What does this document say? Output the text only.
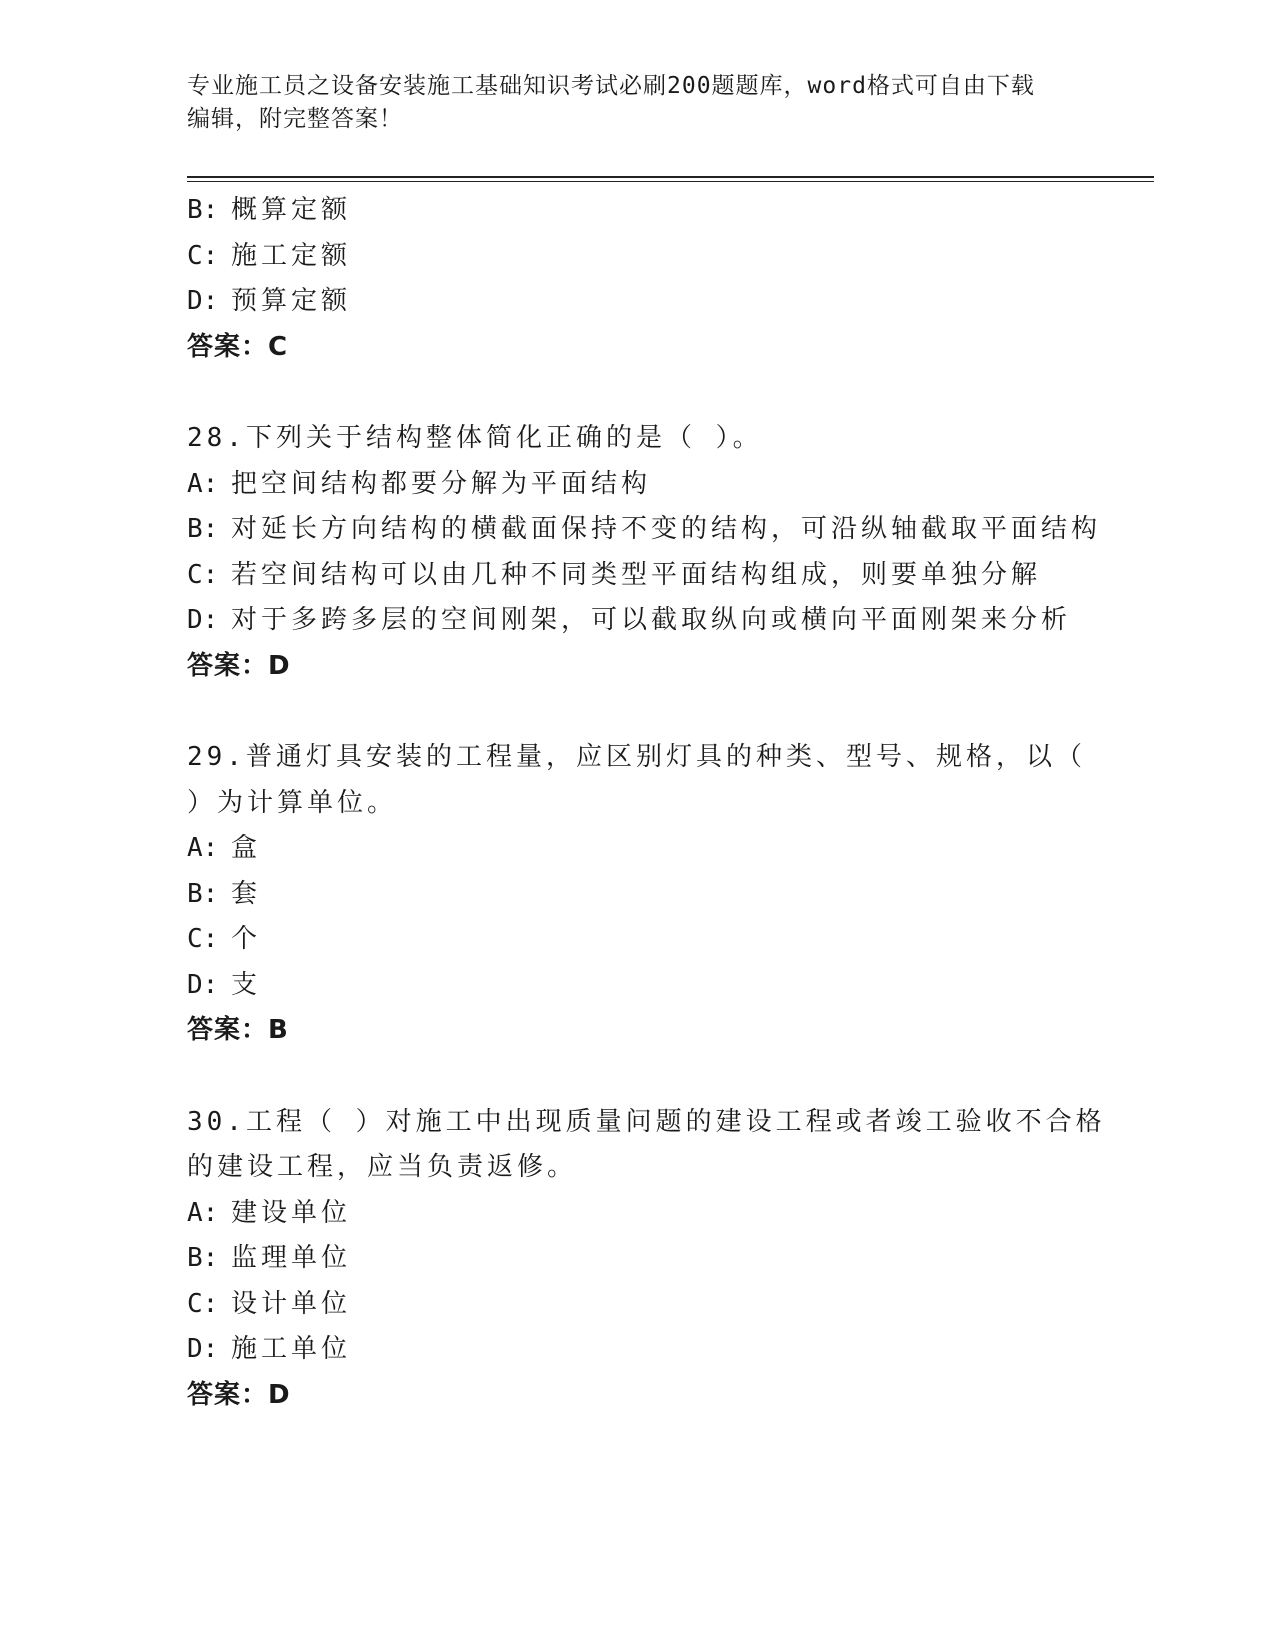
专业施工员之设备安装施工基础知识考试必刷200题题库，word格式可自由下载
编辑，附完整答案！
B: 概算定额
C: 施工定额
D: 预算定额
答案：C
28.下列关于结构整体简化正确的是（ ）。
A: 把空间结构都要分解为平面结构
B: 对延长方向结构的横截面保持不变的结构，可沿纵轴截取平面结构
C: 若空间结构可以由几种不同类型平面结构组成，则要单独分解
D: 对于多跨多层的空间刚架，可以截取纵向或横向平面刚架来分析
答案：D
29.普通灯具安装的工程量，应区别灯具的种类、型号、规格，以（
）为计算单位。
A: 盒
B: 套
C: 个
D: 支
答案：B
30.工程（ ）对施工中出现质量问题的建设工程或者竣工验收不合格
的建设工程，应当负责返修。
A: 建设单位
B: 监理单位
C: 设计单位
D: 施工单位
答案：D
